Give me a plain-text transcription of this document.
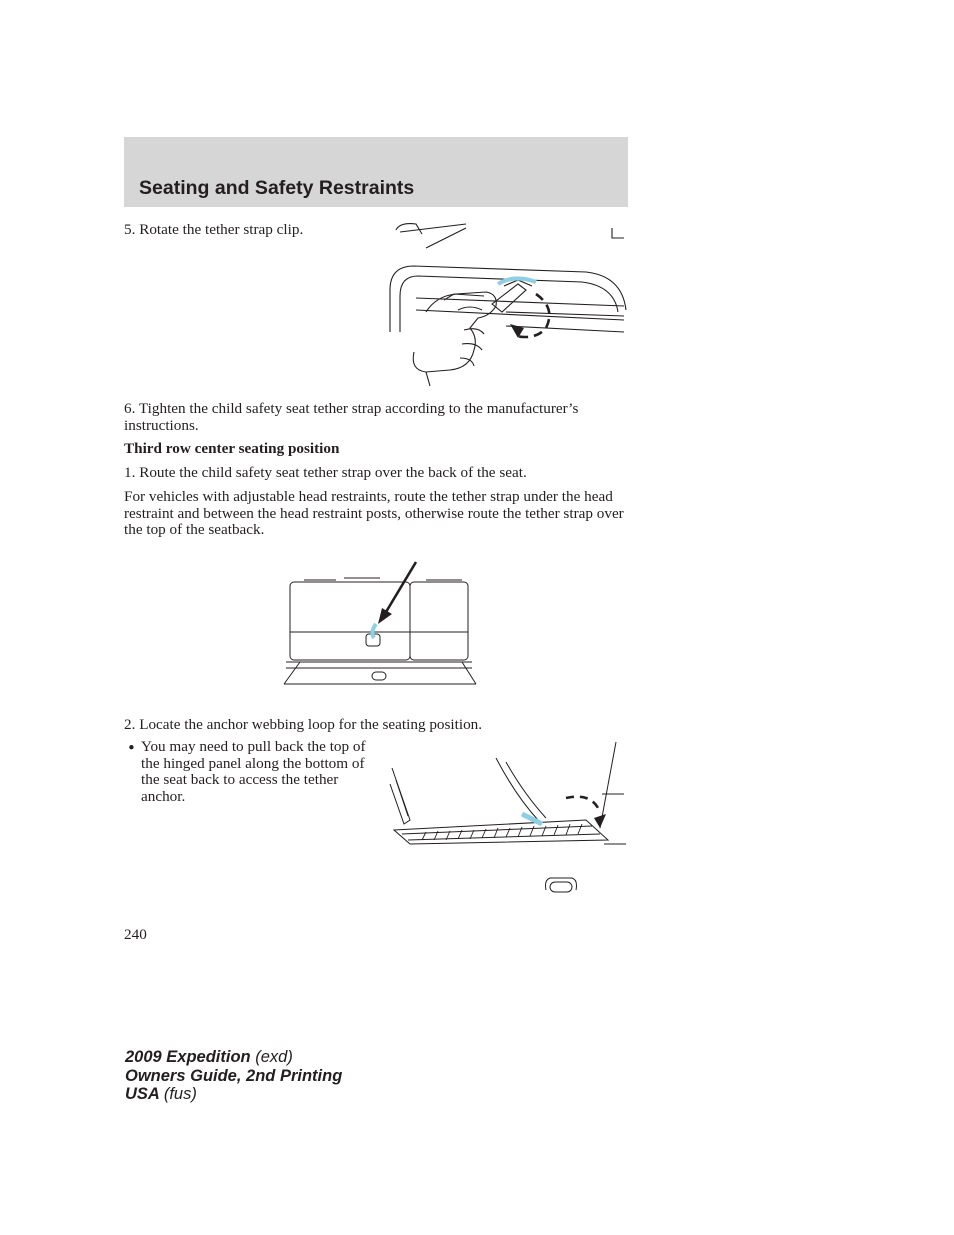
Seating and Safety Restraints
5. Rotate the tether strap clip.
6. Tighten the child safety seat tether strap according to the manufacturer’s instructions.
Third row center seating position
1. Route the child safety seat tether strap over the back of the seat.
For vehicles with adjustable head restraints, route the tether strap under the head restraint and between the head restraint posts, otherwise route the tether strap over the top of the seatback.
2. Locate the anchor webbing loop for the seating position.
• You may need to pull back the top of the hinged panel along the bottom of the seat back to access the tether anchor.
240
2009 Expedition (exd)
Owners Guide, 2nd Printing
USA (fus)
